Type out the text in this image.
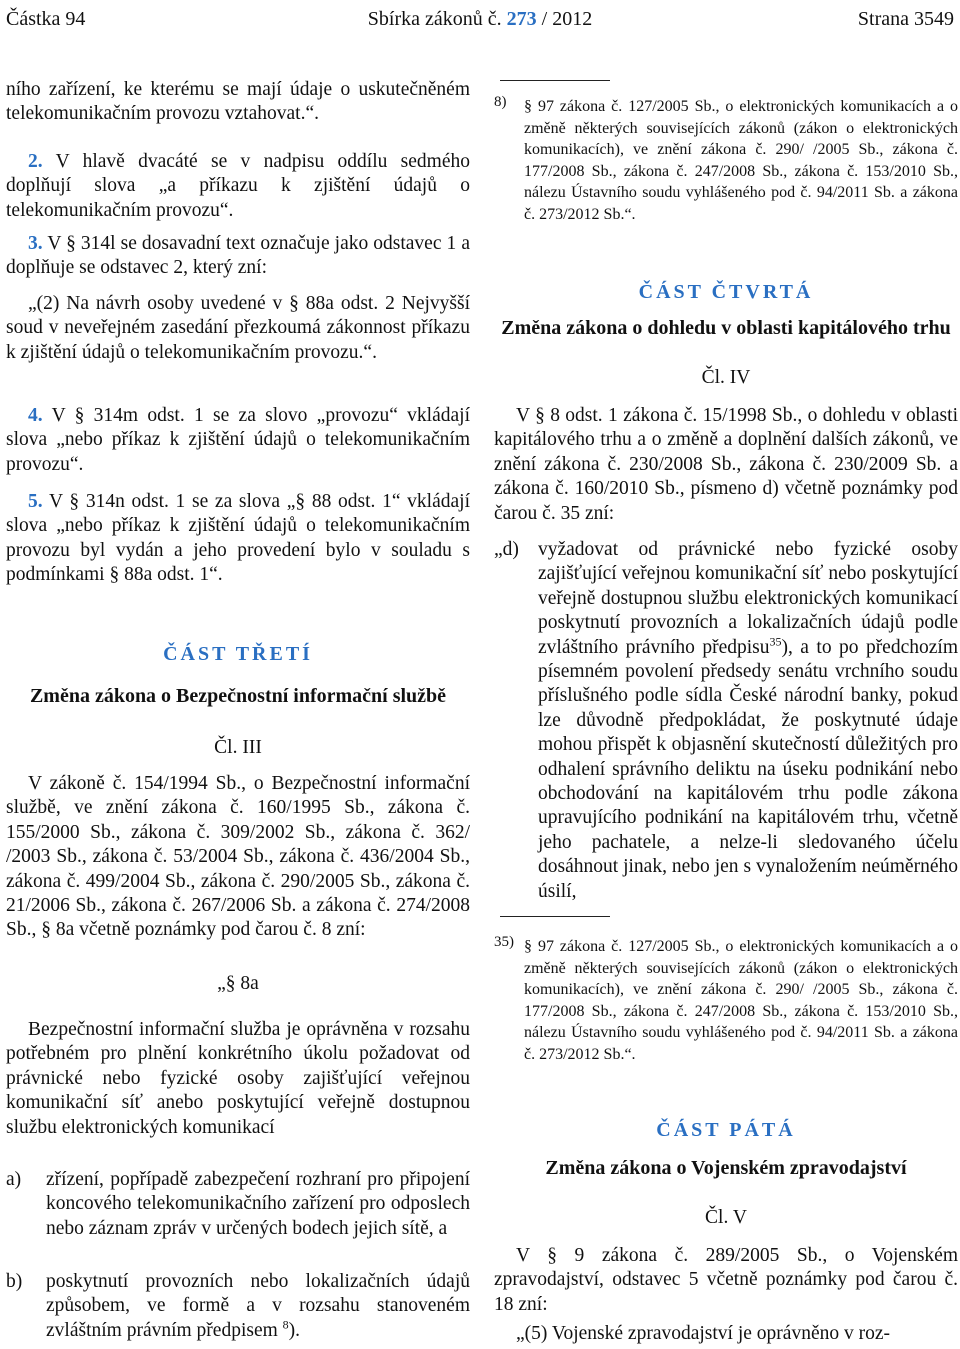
Částka 94	Sbírka zákonů č. 273 / 2012	Strana 3549

ního zařízení, ke kterému se mají údaje o uskutečněném telekomunikačním provozu vztahovat.“.

2. V hlavě dvacáté se v nadpisu oddílu sedmého doplňují slova „a příkazu k zjištění údajů o telekomunikačním provozu“.

3. V § 314l se dosavadní text označuje jako odstavec 1 a doplňuje se odstavec 2, který zní:

„(2) Na návrh osoby uvedené v § 88a odst. 2 Nejvyšší soud v neveřejném zasedání přezkoumá zákonnost příkazu k zjištění údajů o telekomunikačním provozu.“.

4. V § 314m odst. 1 se za slovo „provozu“ vkládají slova „nebo příkaz k zjištění údajů o telekomunikačním provozu“.

5. V § 314n odst. 1 se za slova „§ 88 odst. 1“ vkládají slova „nebo příkaz k zjištění údajů o telekomunikačním provozu byl vydán a jeho provedení bylo v souladu s podmínkami § 88a odst. 1“.

ČÁST TŘETÍ
Změna zákona o Bezpečnostní informační službě
Čl. III

V zákoně č. 154/1994 Sb., o Bezpečnostní informační službě, ve znění zákona č. 160/1995 Sb., zákona č. 155/2000 Sb., zákona č. 309/2002 Sb., zákona č. 362/ /2003 Sb., zákona č. 53/2004 Sb., zákona č. 436/2004 Sb., zákona č. 499/2004 Sb., zákona č. 290/2005 Sb., zákona č. 21/2006 Sb., zákona č. 267/2006 Sb. a zákona č. 274/2008 Sb., § 8a včetně poznámky pod čarou č. 8 zní:

„§ 8a

Bezpečnostní informační služba je oprávněna v rozsahu potřebném pro plnění konkrétního úkolu požadovat od právnické nebo fyzické osoby zajišťující veřejnou komunikační síť anebo poskytující veřejně dostupnou službu elektronických komunikací

a) zřízení, popřípadě zabezpečení rozhraní pro připojení koncového telekomunikačního zařízení pro odposlech nebo záznam zpráv v určených bodech jejich sítě, a

b) poskytnutí provozních nebo lokalizačních údajů způsobem, ve formě a v rozsahu stanoveném zvláštním právním předpisem $^8$).

8) § 97 zákona č. 127/2005 Sb., o elektronických komunikacích a o změně některých souvisejících zákonů (zákon o elektronických komunikacích), ve znění zákona č. 290/ /2005 Sb., zákona č. 177/2008 Sb., zákona č. 247/2008 Sb., zákona č. 153/2010 Sb., nálezu Ústavního soudu vyhlášeného pod č. 94/2011 Sb. a zákona č. 273/2012 Sb.“.

ČÁST ČTVRTÁ
Změna zákona o dohledu v oblasti kapitálového trhu
Čl. IV

V § 8 odst. 1 zákona č. 15/1998 Sb., o dohledu v oblasti kapitálového trhu a o změně a doplnění dalších zákonů, ve znění zákona č. 230/2008 Sb., zákona č. 230/2009 Sb. a zákona č. 160/2010 Sb., písmeno d) včetně poznámky pod čarou č. 35 zní:

„d) vyžadovat od právnické nebo fyzické osoby zajišťující veřejnou komunikační síť nebo poskytující veřejně dostupnou službu elektronických komunikací poskytnutí provozních a lokalizačních údajů podle zvláštního právního předpisu$^{35}$), a to po předchozím písemném povolení předsedy senátu vrchního soudu příslušného podle sídla České národní banky, pokud lze důvodně předpokládat, že poskytnuté údaje mohou přispět k objasnění skutečností důležitých pro odhalení správního deliktu na úseku podnikání nebo obchodování na kapitálovém trhu podle zákona upravujícího podnikání na kapitálovém trhu, včetně jeho pachatele, a nelze-li sledovaného účelu dosáhnout jinak, nebo jen s vynaložením neúměrného úsilí,

35) § 97 zákona č. 127/2005 Sb., o elektronických komunikacích a o změně některých souvisejících zákonů (zákon o elektronických komunikacích), ve znění zákona č. 290/ /2005 Sb., zákona č. 177/2008 Sb., zákona č. 247/2008 Sb., zákona č. 153/2010 Sb., nálezu Ústavního soudu vyhlášeného pod č. 94/2011 Sb. a zákona č. 273/2012 Sb.“.

ČÁST PÁTÁ
Změna zákona o Vojenském zpravodajství
Čl. V

V § 9 zákona č. 289/2005 Sb., o Vojenském zpravodajství, odstavec 5 včetně poznámky pod čarou č. 18 zní:

„(5) Vojenské zpravodajství je oprávněno v roz-
